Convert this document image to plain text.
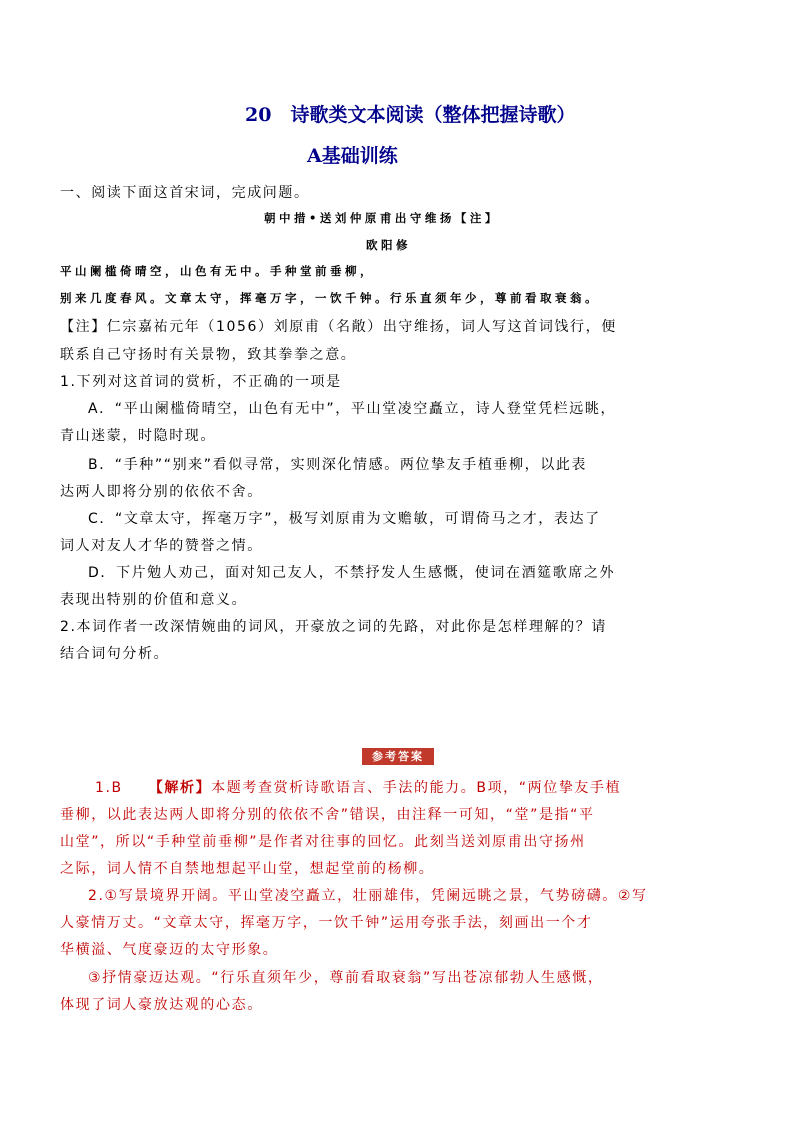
20　诗歌类文本阅读（整体把握诗歌）
A基础训练
一、阅读下面这首宋词，完成问题。
朝中措•送刘仲原甫出守维扬【注】
欧阳修
平山阑槛倚晴空，山色有无中。手种堂前垂柳，
别来几度春风。文章太守，挥毫万字，一饮千钟。行乐直须年少，尊前看取衰翁。
【注】仁宗嘉祐元年（1056）刘原甫（名敞）出守维扬，词人写这首词饯行，便
联系自己守扬时有关景物，致其拳拳之意。
1.下列对这首词的赏析，不正确的一项是
A．“平山阑槛倚晴空，山色有无中”，平山堂凌空矗立，诗人登堂凭栏远眺，
青山迷蒙，时隐时现。
B．“手种”“别来”看似寻常，实则深化情感。两位挚友手植垂柳，以此表
达两人即将分别的依依不舍。
C．“文章太守，挥毫万字”，极写刘原甫为文赡敏，可谓倚马之才，表达了
词人对友人才华的赞誉之情。
D．下片勉人劝己，面对知己友人，不禁抒发人生感慨，使词在酒筵歌席之外
表现出特别的价值和意义。
2.本词作者一改深情婉曲的词风，开豪放之词的先路，对此你是怎样理解的？请
结合词句分析。
参考答案
1.B 【解析】本题考查赏析诗歌语言、手法的能力。B项，“两位挚友手植
垂柳，以此表达两人即将分别的依依不舍”错误，由注释一可知，“堂”是指“平
山堂”，所以“手种堂前垂柳”是作者对往事的回忆。此刻当送刘原甫出守扬州
之际，词人情不自禁地想起平山堂，想起堂前的杨柳。
2.①写景境界开阔。平山堂凌空矗立，壮丽雄伟，凭阑远眺之景，气势磅礴。②写
人豪情万丈。“文章太守，挥毫万字，一饮千钟”运用夸张手法，刻画出一个才
华横溢、气度豪迈的太守形象。
③抒情豪迈达观。“行乐直须年少，尊前看取衰翁”写出苍凉郁勃人生感慨，
体现了词人豪放达观的心态。
